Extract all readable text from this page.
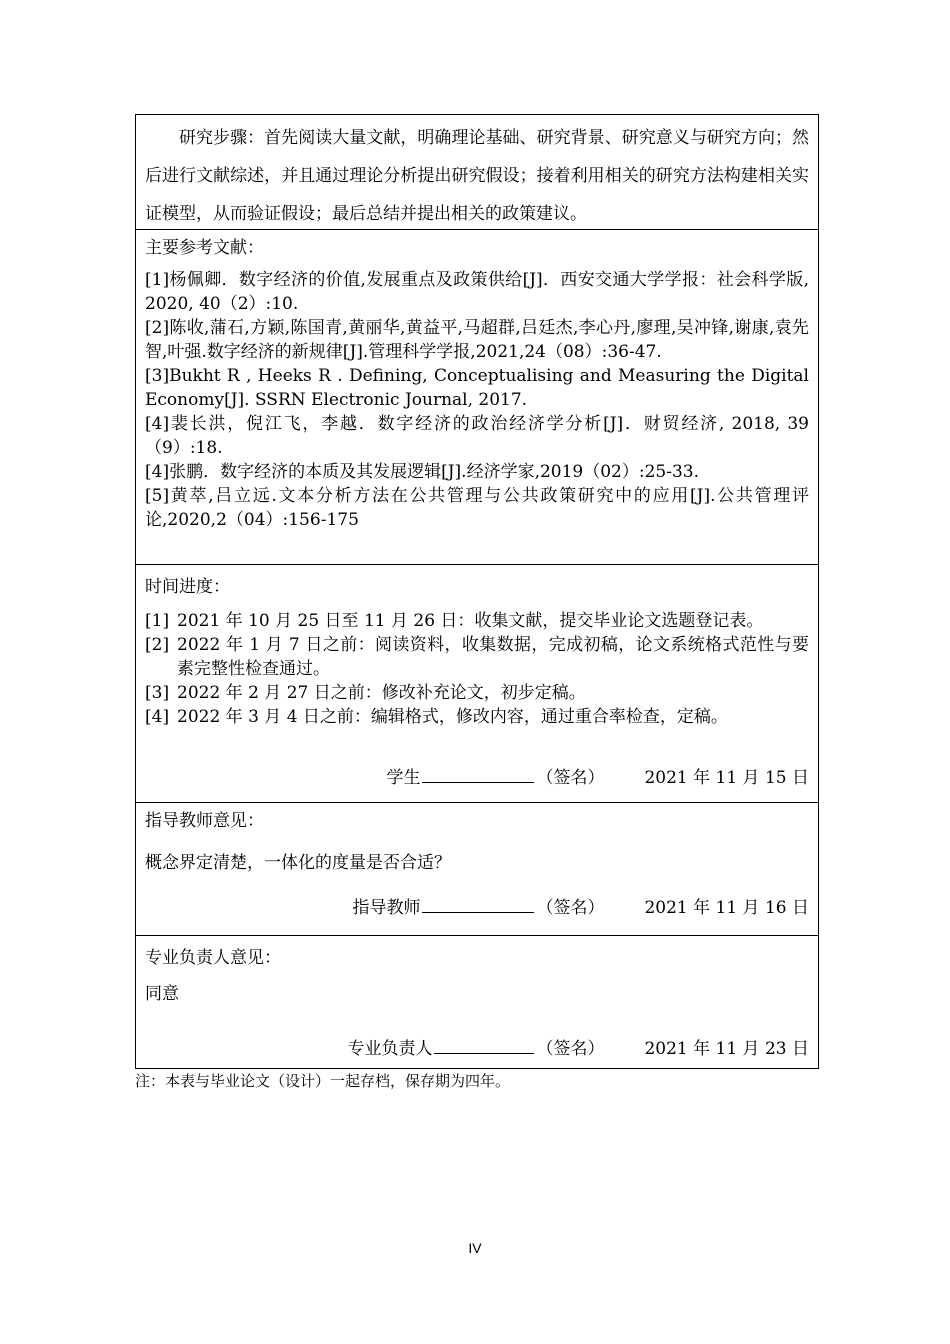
研究步骤：首先阅读大量文献，明确理论基础、研究背景、研究意义与研究方向；然后进行文献综述，并且通过理论分析提出研究假设；接着利用相关的研究方法构建相关实证模型，从而验证假设；最后总结并提出相关的政策建议。

主要参考文献：

[1]杨佩卿．数字经济的价值,发展重点及政策供给[J]．西安交通大学学报：社会科学版, 2020, 40（2）:10.

[2]陈收,蒲石,方颖,陈国青,黄丽华,黄益平,马超群,吕廷杰,李心丹,廖理,吴冲锋,谢康,袁先智,叶强.数字经济的新规律[J].管理科学学报,2021,24（08）:36-47.

[3]Bukht R , Heeks R . Defining, Conceptualising and Measuring the Digital Economy[J]. SSRN Electronic Journal, 2017.

[4]裴长洪，倪江飞，李越．数字经济的政治经济学分析[J]．财贸经济, 2018, 39（9）:18.

[4]张鹏．数字经济的本质及其发展逻辑[J].经济学家,2019（02）:25-33.

[5]黄萃,吕立远.文本分析方法在公共管理与公共政策研究中的应用[J].公共管理评论,2020,2（04）:156-175

时间进度：

[1] 2021 年 10 月 25 日至 11 月 26 日：收集文献，提交毕业论文选题登记表。
[2] 2022 年 1 月 7 日之前：阅读资料，收集数据，完成初稿，论文系统格式范性与要素完整性检查通过。
[3] 2022 年 2 月 27 日之前：修改补充论文，初步定稿。
[4] 2022 年 3 月 4 日之前：编辑格式，修改内容，通过重合率检查，定稿。
学生	（签名） 2021 年 11 月 15 日

指导教师意见：

概念界定清楚，一体化的度量是否合适？

指导教师	（签名） 2021 年 11 月 16 日

专业负责人意见：

同意

专业负责人	（签名） 2021 年 11 月 23 日
注：本表与毕业论文（设计）一起存档，保存期为四年。
IV
